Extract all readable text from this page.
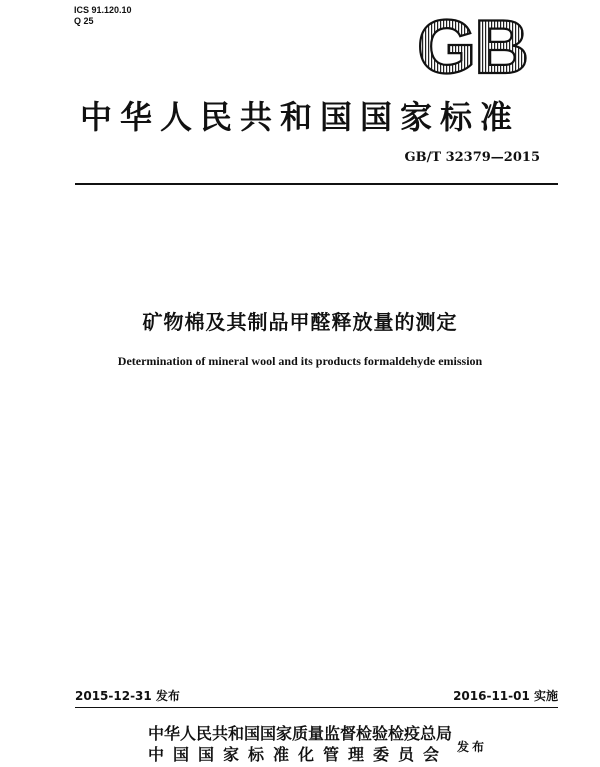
ICS 91.120.10
Q 25	GB
中华人民共和国国家标准
GB/T 32379—2015
矿物棉及其制品甲醛释放量的测定
Determination of mineral wool and its products formaldehyde emission
2015-12-31 发布	2016-11-01 实施
中华人民共和国国家质量监督检验检疫总局
中国国家标准化管理委员会 发布
